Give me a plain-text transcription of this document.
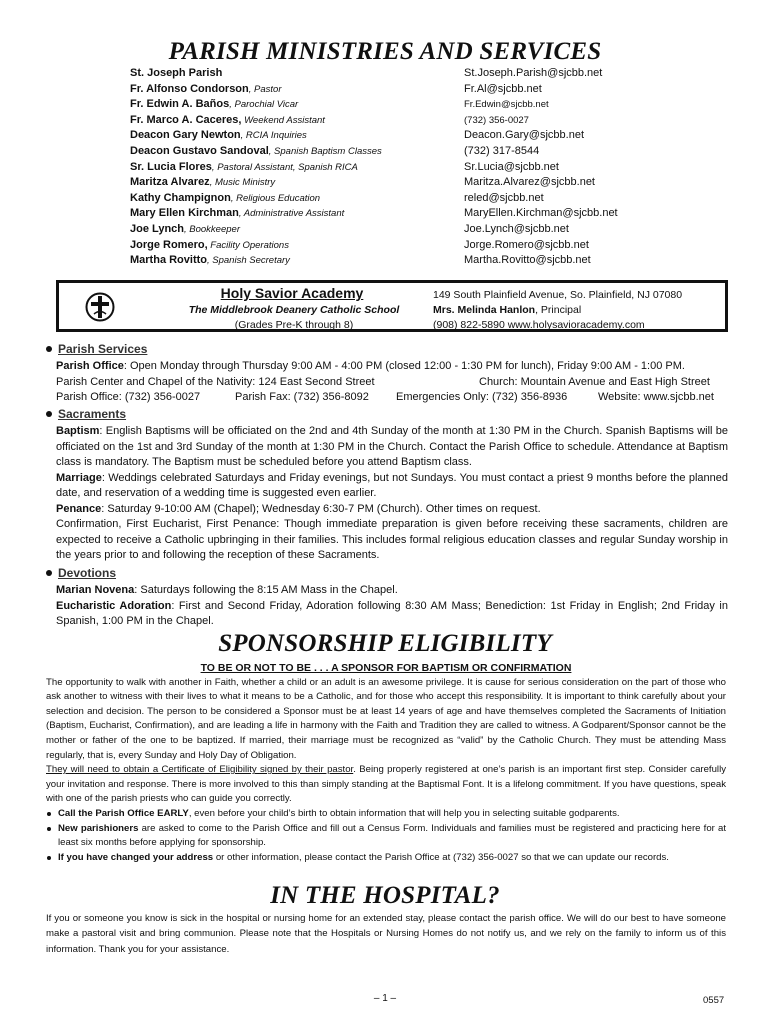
PARISH MINISTRIES AND SERVICES
St. Joseph Parish	St.Joseph.Parish@sjcbb.net
Fr. Alfonso Condorson, Pastor	Fr.Al@sjcbb.net
Fr. Edwin A. Baños, Parochial Vicar	Fr.Edwin@sjcbb.net
Fr. Marco A. Caceres, Weekend Assistant	(732) 356-0027
Deacon Gary Newton, RCIA Inquiries	Deacon.Gary@sjcbb.net
Deacon Gustavo Sandoval, Spanish Baptism Classes	(732) 317-8544
Sr. Lucia Flores, Pastoral Assistant, Spanish RICA	Sr.Lucia@sjcbb.net
Maritza Alvarez, Music Ministry	Maritza.Alvarez@sjcbb.net
Kathy Champignon, Religious Education	reled@sjcbb.net
Mary Ellen Kirchman, Administrative Assistant	MaryEllen.Kirchman@sjcbb.net
Joe Lynch, Bookkeeper	Joe.Lynch@sjcbb.net
Jorge Romero, Facility Operations	Jorge.Romero@sjcbb.net
Martha Rovitto, Spanish Secretary	Martha.Rovitto@sjcbb.net
Holy Savior Academy
The Middlebrook Deanery Catholic School
(Grades Pre-K through 8)
149 South Plainfield Avenue, So. Plainfield, NJ 07080
Mrs. Melinda Hanlon, Principal
(908) 822-5890 www.holysavioracademy.com
Parish Services

Parish Office: Open Monday through Thursday 9:00 AM - 4:00 PM (closed 12:00 - 1:30 PM for lunch), Friday 9:00 AM - 1:00 PM.

Parish Center and Chapel of the Nativity: 124 East Second Street	Church: Mountain Avenue and East High Street
Parish Office: (732) 356-0027	Parish Fax: (732) 356-8092 Emergencies Only: (732) 356-8936	Website: www.sjcbb.net
Sacraments

Baptism: English Baptisms will be officiated on the 2nd and 4th Sunday of the month at 1:30 PM in the Church. Spanish Baptisms will be officiated on the 1st and 3rd Sunday of the month at 1:30 PM in the Church. Contact the Parish Office to schedule. Attendance at Baptism class is mandatory. The Baptism must be scheduled before you attend Baptism class.

Marriage: Weddings celebrated Saturdays and Friday evenings, but not Sundays. You must contact a priest 9 months before the planned date, and reservation of a wedding time is suggested even earlier.

Penance: Saturday 9-10:00 AM (Chapel); Wednesday 6:30-7 PM (Church). Other times on request.

Confirmation, First Eucharist, First Penance: Though immediate preparation is given before receiving these sacraments, children are expected to receive a Catholic upbringing in their families. This includes formal religious education classes and regular Sunday worship in the years prior to and following the reception of these Sacraments.

Devotions

Marian Novena: Saturdays following the 8:15 AM Mass in the Chapel.

Eucharistic Adoration: First and Second Friday, Adoration following 8:30 AM Mass; Benediction: 1st Friday in English; 2nd Friday in Spanish, 1:00 PM in the Chapel.

SPONSORSHIP ELIGIBILITY

TO BE OR NOT TO BE . . . A SPONSOR FOR BAPTISM OR CONFIRMATION

The opportunity to walk with another in Faith, whether a child or an adult is an awesome privilege. It is cause for serious consideration on the part of those who ask another to witness with their lives to what it means to be a Catholic, and for those who accept this responsibility. It is important to think carefully about your selection and decision. The person to be considered a Sponsor must be at least 14 years of age and have themselves completed the Sacraments of Initiation (Baptism, Eucharist, Confirmation), and are leading a life in harmony with the Faith and Tradition they are called to witness. A Godparent/Sponsor cannot be the mother or father of the one to be baptized. If married, their marriage must be recognized as “valid” by the Catholic Church. They must be attending Mass regularly, that is, every Sunday and Holy Day of Obligation.

They will need to obtain a Certificate of Eligibility signed by their pastor. Being properly registered at one’s parish is an important first step. Consider carefully your invitation and response. There is more involved to this than simply standing at the Baptismal Font. It is a lifelong commitment. If you have questions, speak with one of the parish priests who can guide you correctly.

Call the Parish Office EARLY, even before your child’s birth to obtain information that will help you in selecting suitable godparents.
New parishioners are asked to come to the Parish Office and fill out a Census Form. Individuals and families must be registered and practicing here for at least six months before applying for sponsorship.
If you have changed your address or other information, please contact the Parish Office at (732) 356-0027 so that we can update our records.
IN THE HOSPITAL?

If you or someone you know is sick in the hospital or nursing home for an extended stay, please contact the parish office. We will do our best to have someone make a pastoral visit and bring communion. Please note that the Hospitals or Nursing Homes do not notify us, and we rely on the family to inform us of this information. Thank you for your assistance.

– 1 –	0557
